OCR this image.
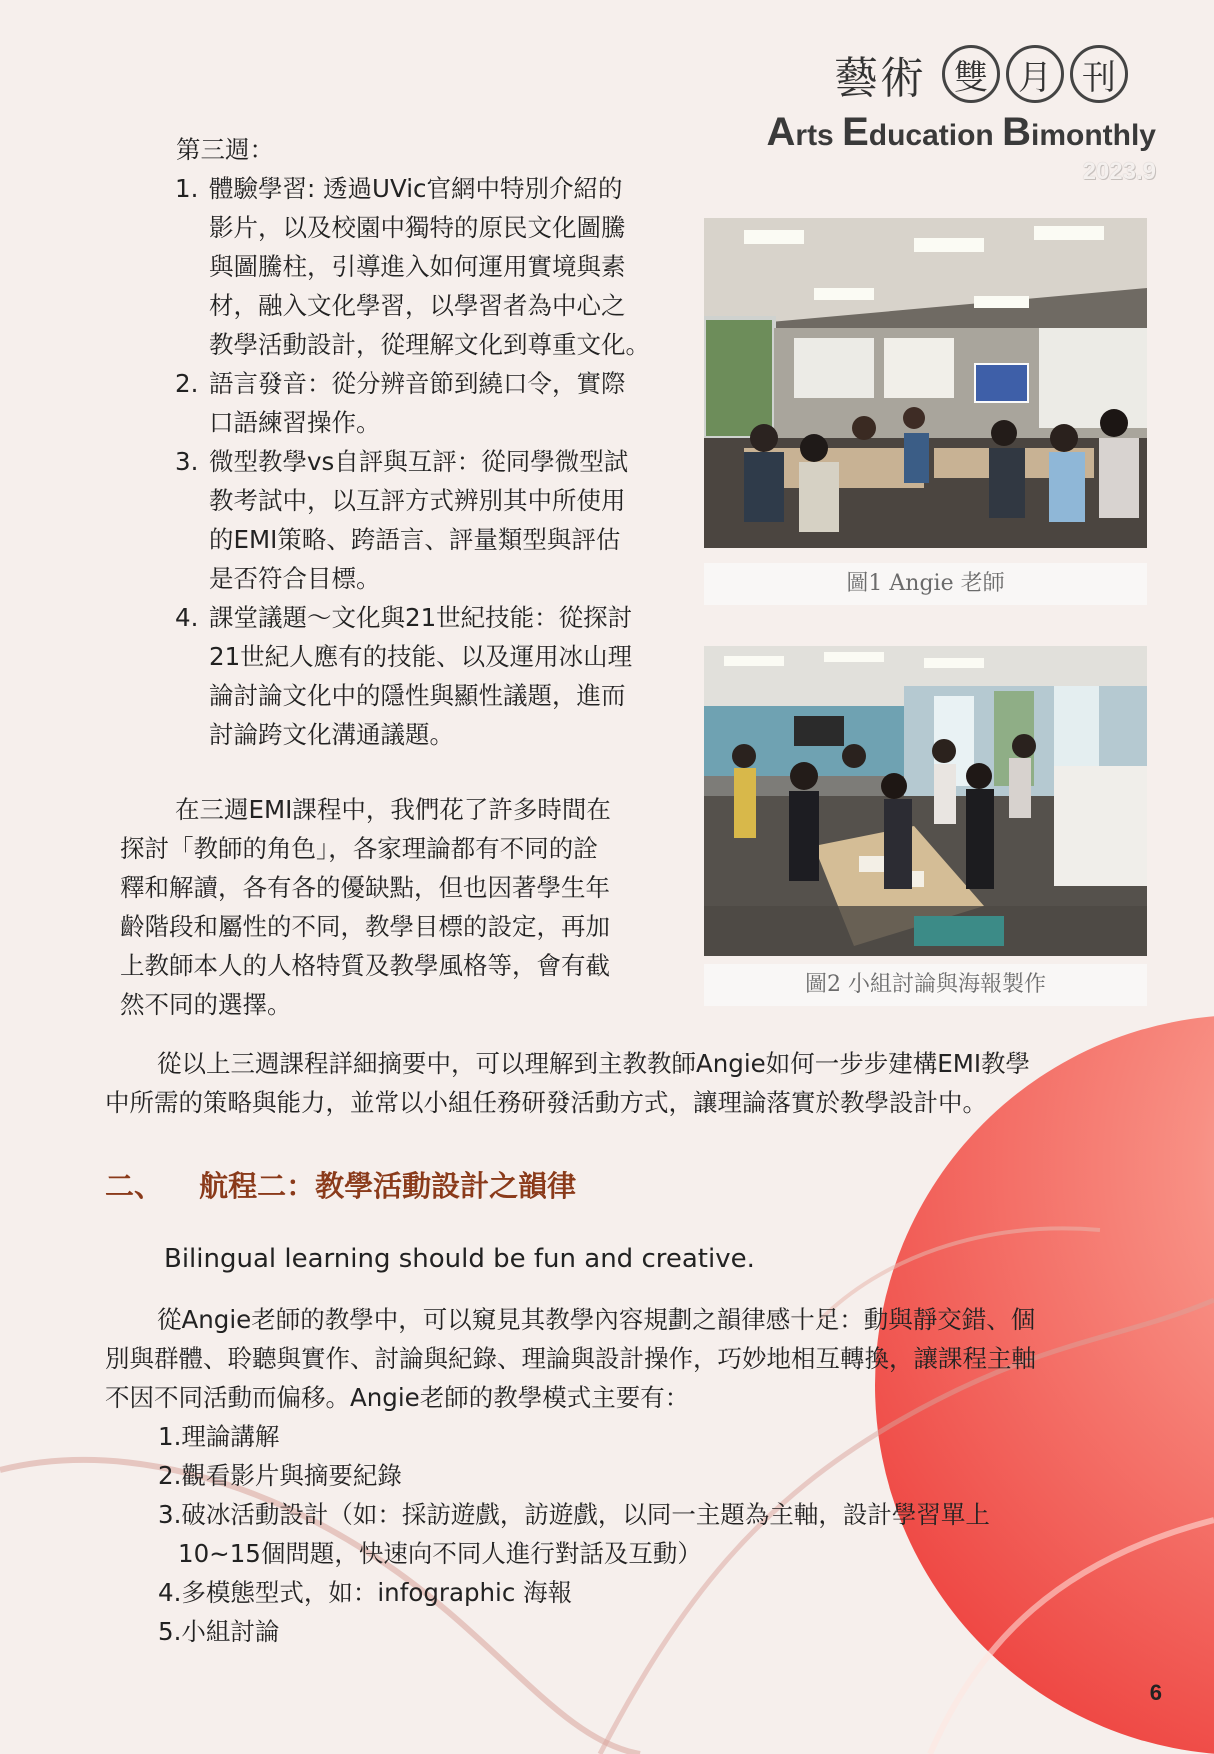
藝 術 雙 月 刊
Arts Education Bimonthly
2023.9
第三週：
1. 體驗學習: 透過UVic官網中特別介紹的
影片，以及校園中獨特的原民文化圖騰
與圖騰柱，引導進入如何運用實境與素
材，融入文化學習，以學習者為中心之
教學活動設計，從理解文化到尊重文化。
2. 語言發音：從分辨音節到繞口令，實際
口語練習操作。
3. 微型教學vs自評與互評：從同學微型試
教考試中，以互評方式辨別其中所使用
的EMI策略、跨語言、評量類型與評估
是否符合目標。
4. 課堂議題～文化與21世紀技能：從探討
21世紀人應有的技能、以及運用冰山理
論討論文化中的隱性與顯性議題，進而
討論跨文化溝通議題。
在三週EMI課程中，我們花了許多時間在
探討「教師的角色」，各家理論都有不同的詮
釋和解讀，各有各的優缺點，但也因著學生年
齡階段和屬性的不同，教學目標的設定，再加
上教師本人的人格特質及教學風格等，會有截
然不同的選擇。
圖1 Angie 老師
圖2 小組討論與海報製作

從以上三週課程詳細摘要中，可以理解到主教教師Angie如何一步步建構EMI教學

中所需的策略與能力，並常以小組任務研發活動方式，讓理論落實於教學設計中。

二、 航程二：教學活動設計之韻律
Bilingual learning should be fun and creative.

從Angie老師的教學中，可以窺見其教學內容規劃之韻律感十足：動與靜交錯、個

別與群體、聆聽與實作、討論與紀錄、理論與設計操作，巧妙地相互轉換，讓課程主軸

不因不同活動而偏移。Angie老師的教學模式主要有：

1.理論講解
2.觀看影片與摘要紀錄
3.破冰活動設計（如：採訪遊戲，訪遊戲，以同一主題為主軸，設計學習單上
10~15個問題，快速向不同人進行對話及互動）
4.多模態型式，如：infographic 海報
5.小組討論
6
